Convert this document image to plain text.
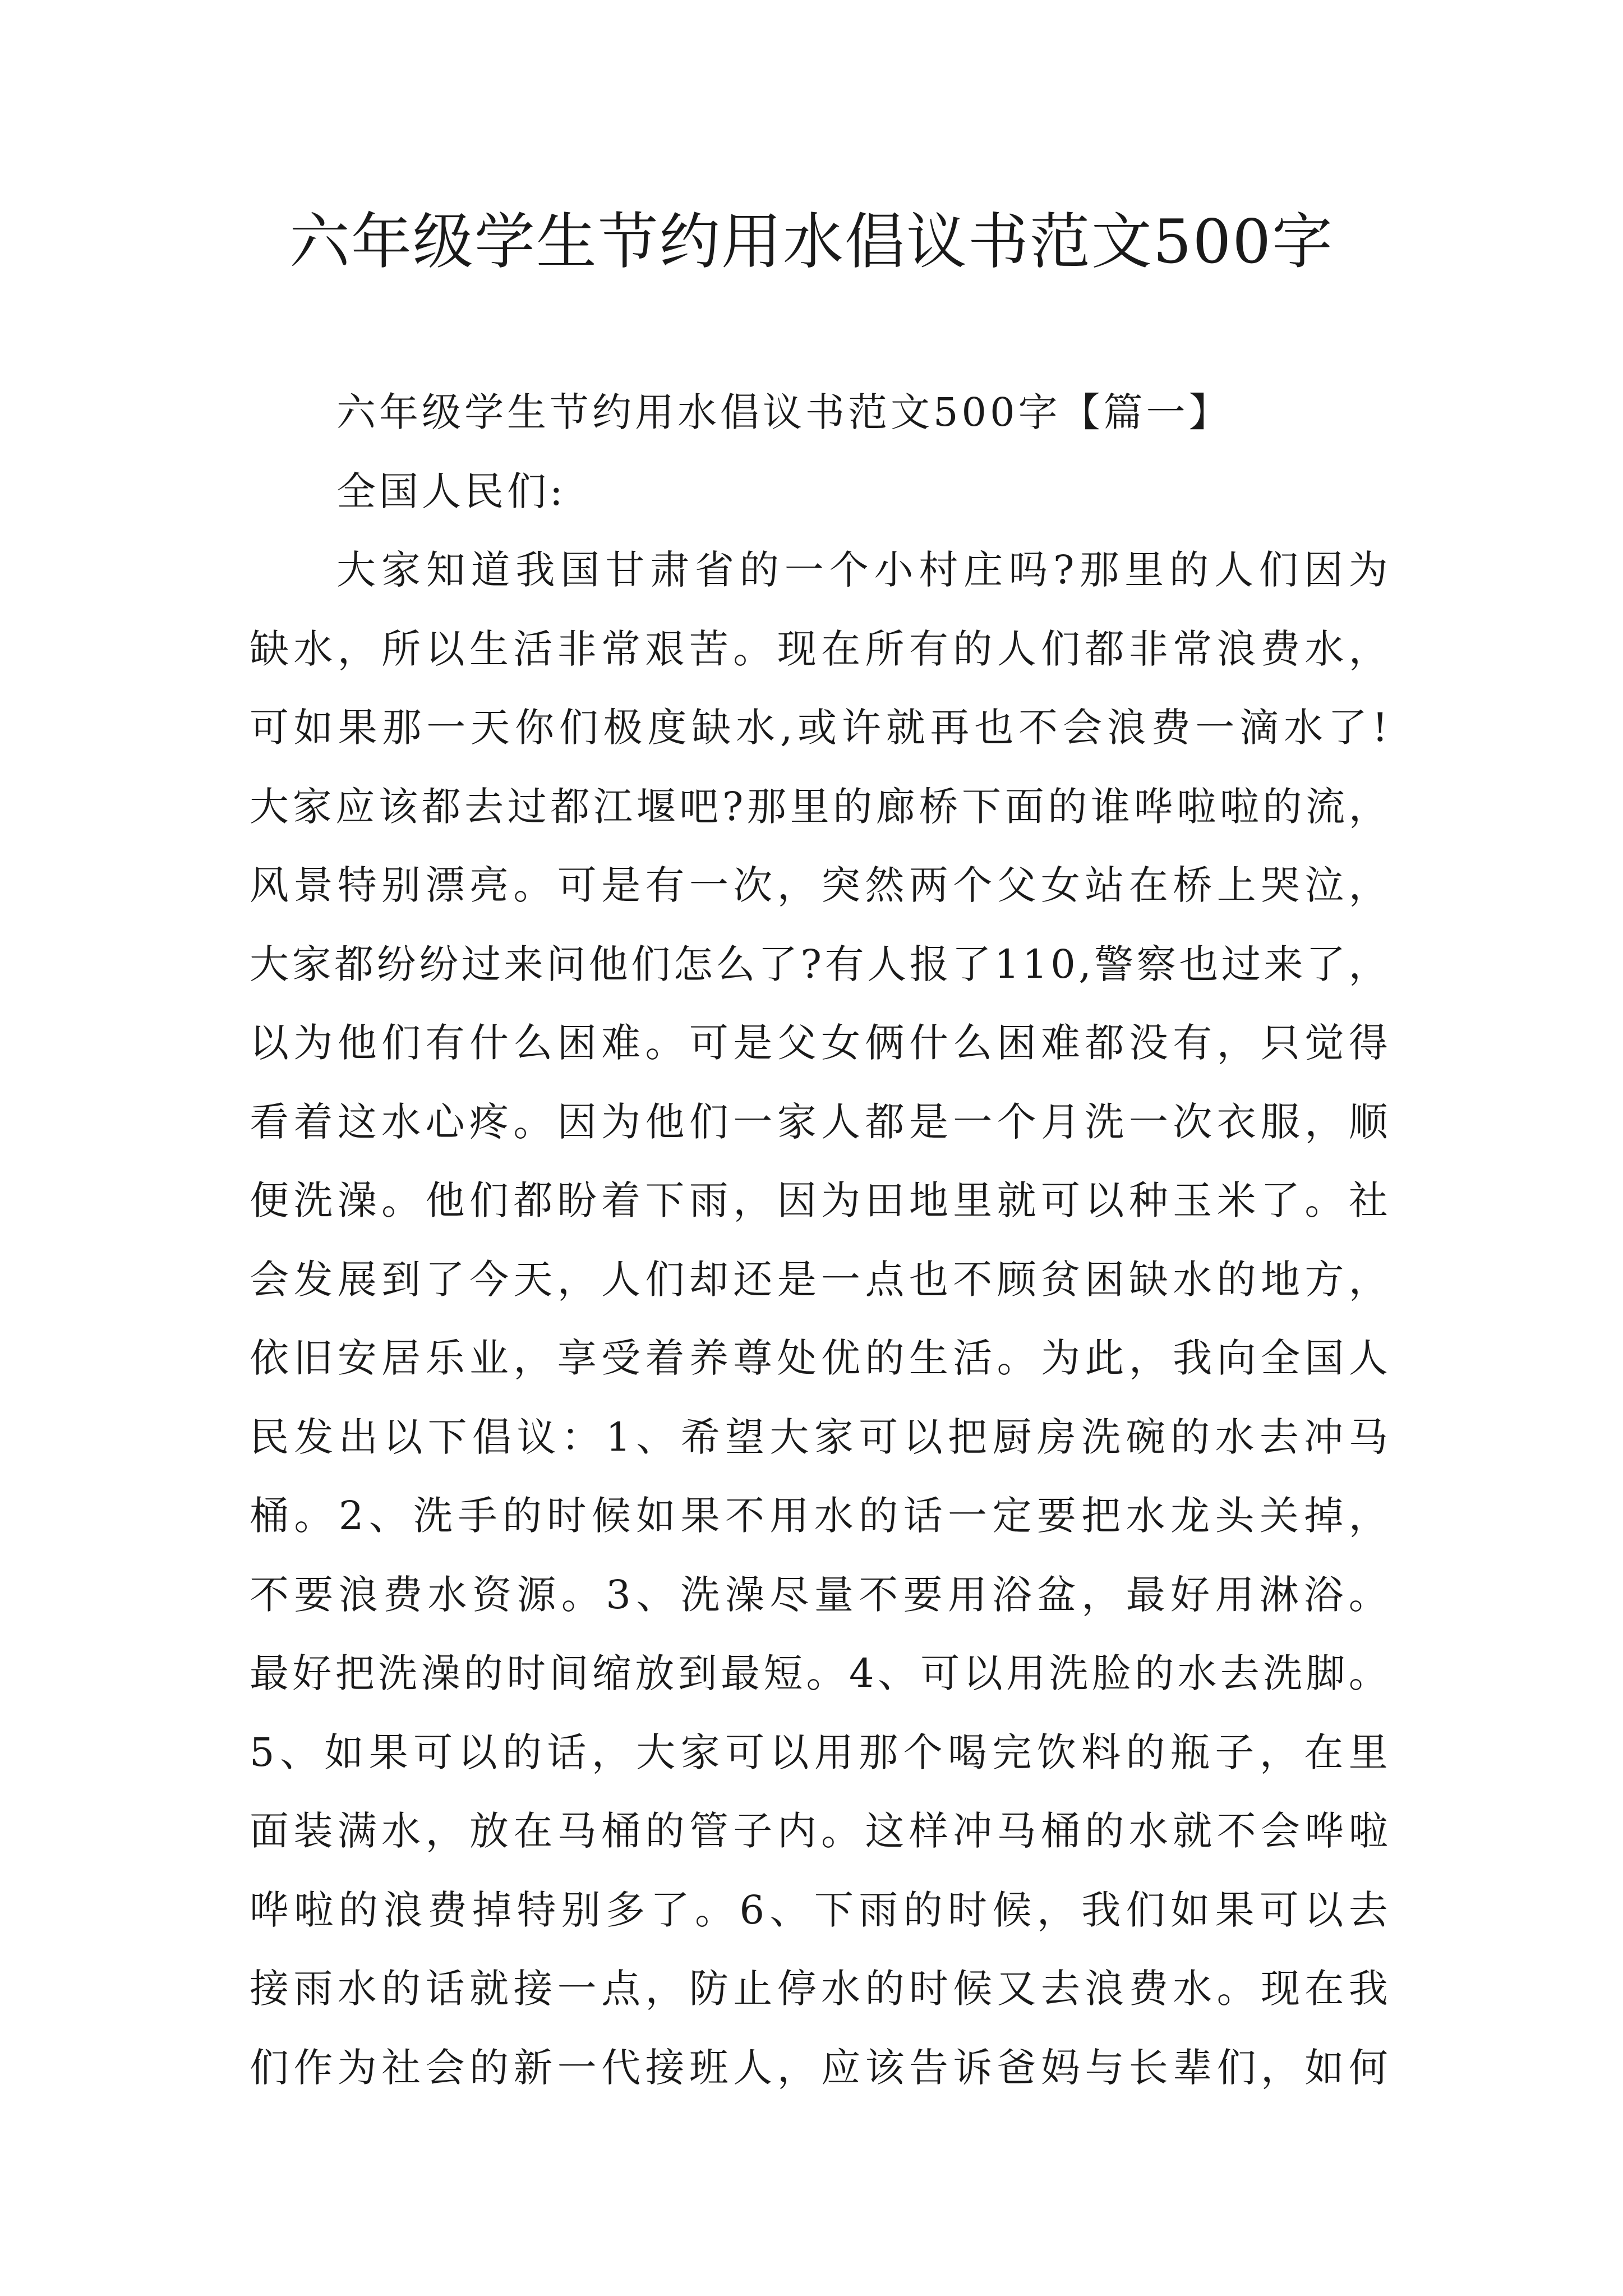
六年级学生节约用水倡议书范文500字
六年级学生节约用水倡议书范文500字【篇一】
全国人民们:
大 家 知 道 我 国 甘 肃 省 的 一 个 小 村 庄 吗 ? 那 里 的 人 们 因 为
缺 水 ， 所 以 生 活 非 常 艰 苦 。 现 在 所 有 的 人 们 都 非 常 浪 费 水 ，
可 如 果 那 一 天 你 们 极 度 缺 水 , 或 许 就 再 也 不 会 浪 费 一 滴 水 了 !
大 家 应 该 都 去 过 都 江 堰 吧 ? 那 里 的 廊 桥 下 面 的 谁 哗 啦 啦 的 流 ，
风 景 特 别 漂 亮 。 可 是 有 一 次 ， 突 然 两 个 父 女 站 在 桥 上 哭 泣 ，
大 家 都 纷 纷 过 来 问 他 们 怎 么 了 ? 有 人 报 了 1 1 0 , 警 察 也 过 来 了 ，
以 为 他 们 有 什 么 困 难 。 可 是 父 女 俩 什 么 困 难 都 没 有 ， 只 觉 得
看 着 这 水 心 疼 。 因 为 他 们 一 家 人 都 是 一 个 月 洗 一 次 衣 服 ， 顺
便 洗 澡 。 他 们 都 盼 着 下 雨 ， 因 为 田 地 里 就 可 以 种 玉 米 了 。 社
会 发 展 到 了 今 天 ， 人 们 却 还 是 一 点 也 不 顾 贫 困 缺 水 的 地 方 ，
依 旧 安 居 乐 业 ， 享 受 着 养 尊 处 优 的 生 活 。 为 此 ， 我 向 全 国 人
民 发 出 以 下 倡 议 ： 1 、 希 望 大 家 可 以 把 厨 房 洗 碗 的 水 去 冲 马
桶 。 2 、 洗 手 的 时 候 如 果 不 用 水 的 话 一 定 要 把 水 龙 头 关 掉 ，
不 要 浪 费 水 资 源 。 3 、 洗 澡 尽 量 不 要 用 浴 盆 ， 最 好 用 淋 浴 。
最 好 把 洗 澡 的 时 间 缩 放 到 最 短 。 4 、 可 以 用 洗 脸 的 水 去 洗 脚 。
5 、 如 果 可 以 的 话 ， 大 家 可 以 用 那 个 喝 完 饮 料 的 瓶 子 ， 在 里
面 装 满 水 ， 放 在 马 桶 的 管 子 内 。 这 样 冲 马 桶 的 水 就 不 会 哗 啦
哗 啦 的 浪 费 掉 特 别 多 了 。 6 、 下 雨 的 时 候 ， 我 们 如 果 可 以 去
接 雨 水 的 话 就 接 一 点 ， 防 止 停 水 的 时 候 又 去 浪 费 水 。 现 在 我
们 作 为 社 会 的 新 一 代 接 班 人 ， 应 该 告 诉 爸 妈 与 长 辈 们 ， 如 何
